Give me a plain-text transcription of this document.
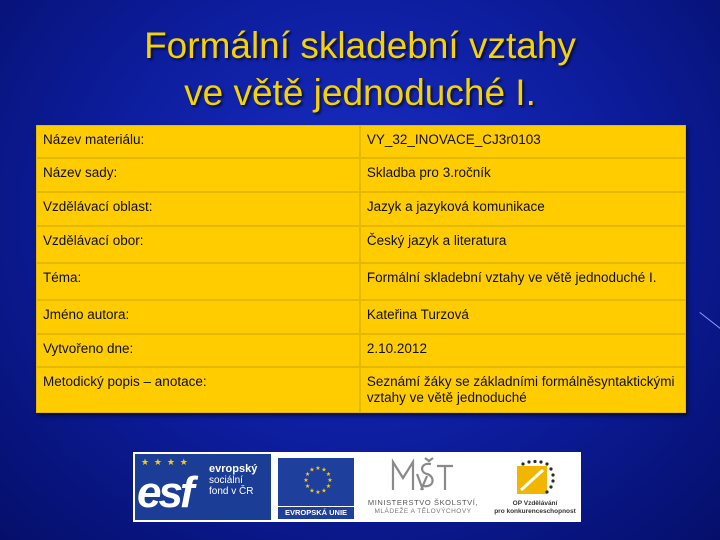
Formální skladební vztahy
ve větě jednoduché I.
Název materiálu:	VY_32_INOVACE_CJ3r0103
Název sady:	Skladba pro 3.ročník
Vzdělávací oblast:	Jazyk a jazyková komunikace
Vzdělávací obor:	Český jazyk a literatura
Téma:	Formální skladební vztahy ve větě jednoduché I.
Jméno autora:	Kateřina Turzová
Vytvořeno dne:	2.10.2012
Metodický popis – anotace:	Seznámí žáky se základními formálněsyntaktickými vztahy ve větě jednoduché
★ ★ ★ ★
esf evropský
sociální
fond v ČR
★ ★
★
★
★
★
★
★
★
★
★
★
EVROPSKÁ UNIE
MINISTERSTVO ŠKOLSTVÍ,
MLÁDEŽE A TĚLOVÝCHOVY
OP Vzdělávání
pro konkurenceschopnost
